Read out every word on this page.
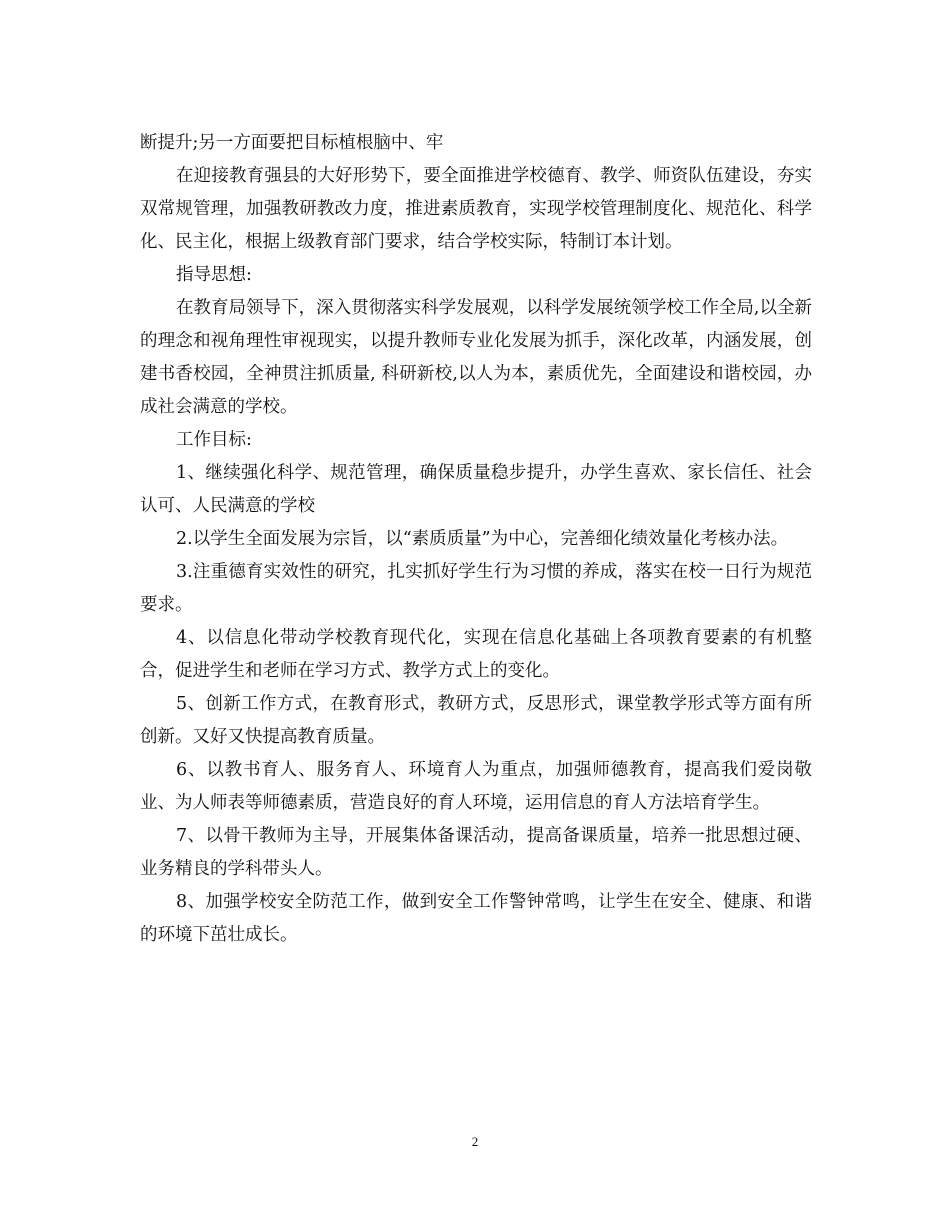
断提升;另一方面要把目标植根脑中、牢

在迎接教育强县的大好形势下，要全面推进学校德育、教学、师资队伍建设，夯实双常规管理，加强教研教改力度，推进素质教育，实现学校管理制度化、规范化、科学化、民主化，根据上级教育部门要求，结合学校实际，特制订本计划。

指导思想:

在教育局领导下，深入贯彻落实科学发展观，以科学发展统领学校工作全局,以全新的理念和视角理性审视现实，以提升教师专业化发展为抓手，深化改革，内涵发展，创建书香校园，全神贯注抓质量, 科研新校,以人为本，素质优先，全面建设和谐校园，办成社会满意的学校。

工作目标:

1、继续强化科学、规范管理，确保质量稳步提升，办学生喜欢、家长信任、社会认可、人民满意的学校

2.以学生全面发展为宗旨，以“素质质量”为中心，完善细化绩效量化考核办法。

3.注重德育实效性的研究，扎实抓好学生行为习惯的养成，落实在校一日行为规范要求。

4、以信息化带动学校教育现代化，实现在信息化基础上各项教育要素的有机整合，促进学生和老师在学习方式、教学方式上的变化。

5、创新工作方式，在教育形式，教研方式，反思形式，课堂教学形式等方面有所创新。又好又快提高教育质量。

6、以教书育人、服务育人、环境育人为重点，加强师德教育，提高我们爱岗敬业、为人师表等师德素质，营造良好的育人环境，运用信息的育人方法培育学生。

7、以骨干教师为主导，开展集体备课活动，提高备课质量，培养一批思想过硬、业务精良的学科带头人。

8、加强学校安全防范工作，做到安全工作警钟常鸣，让学生在安全、健康、和谐的环境下茁壮成长。

2
